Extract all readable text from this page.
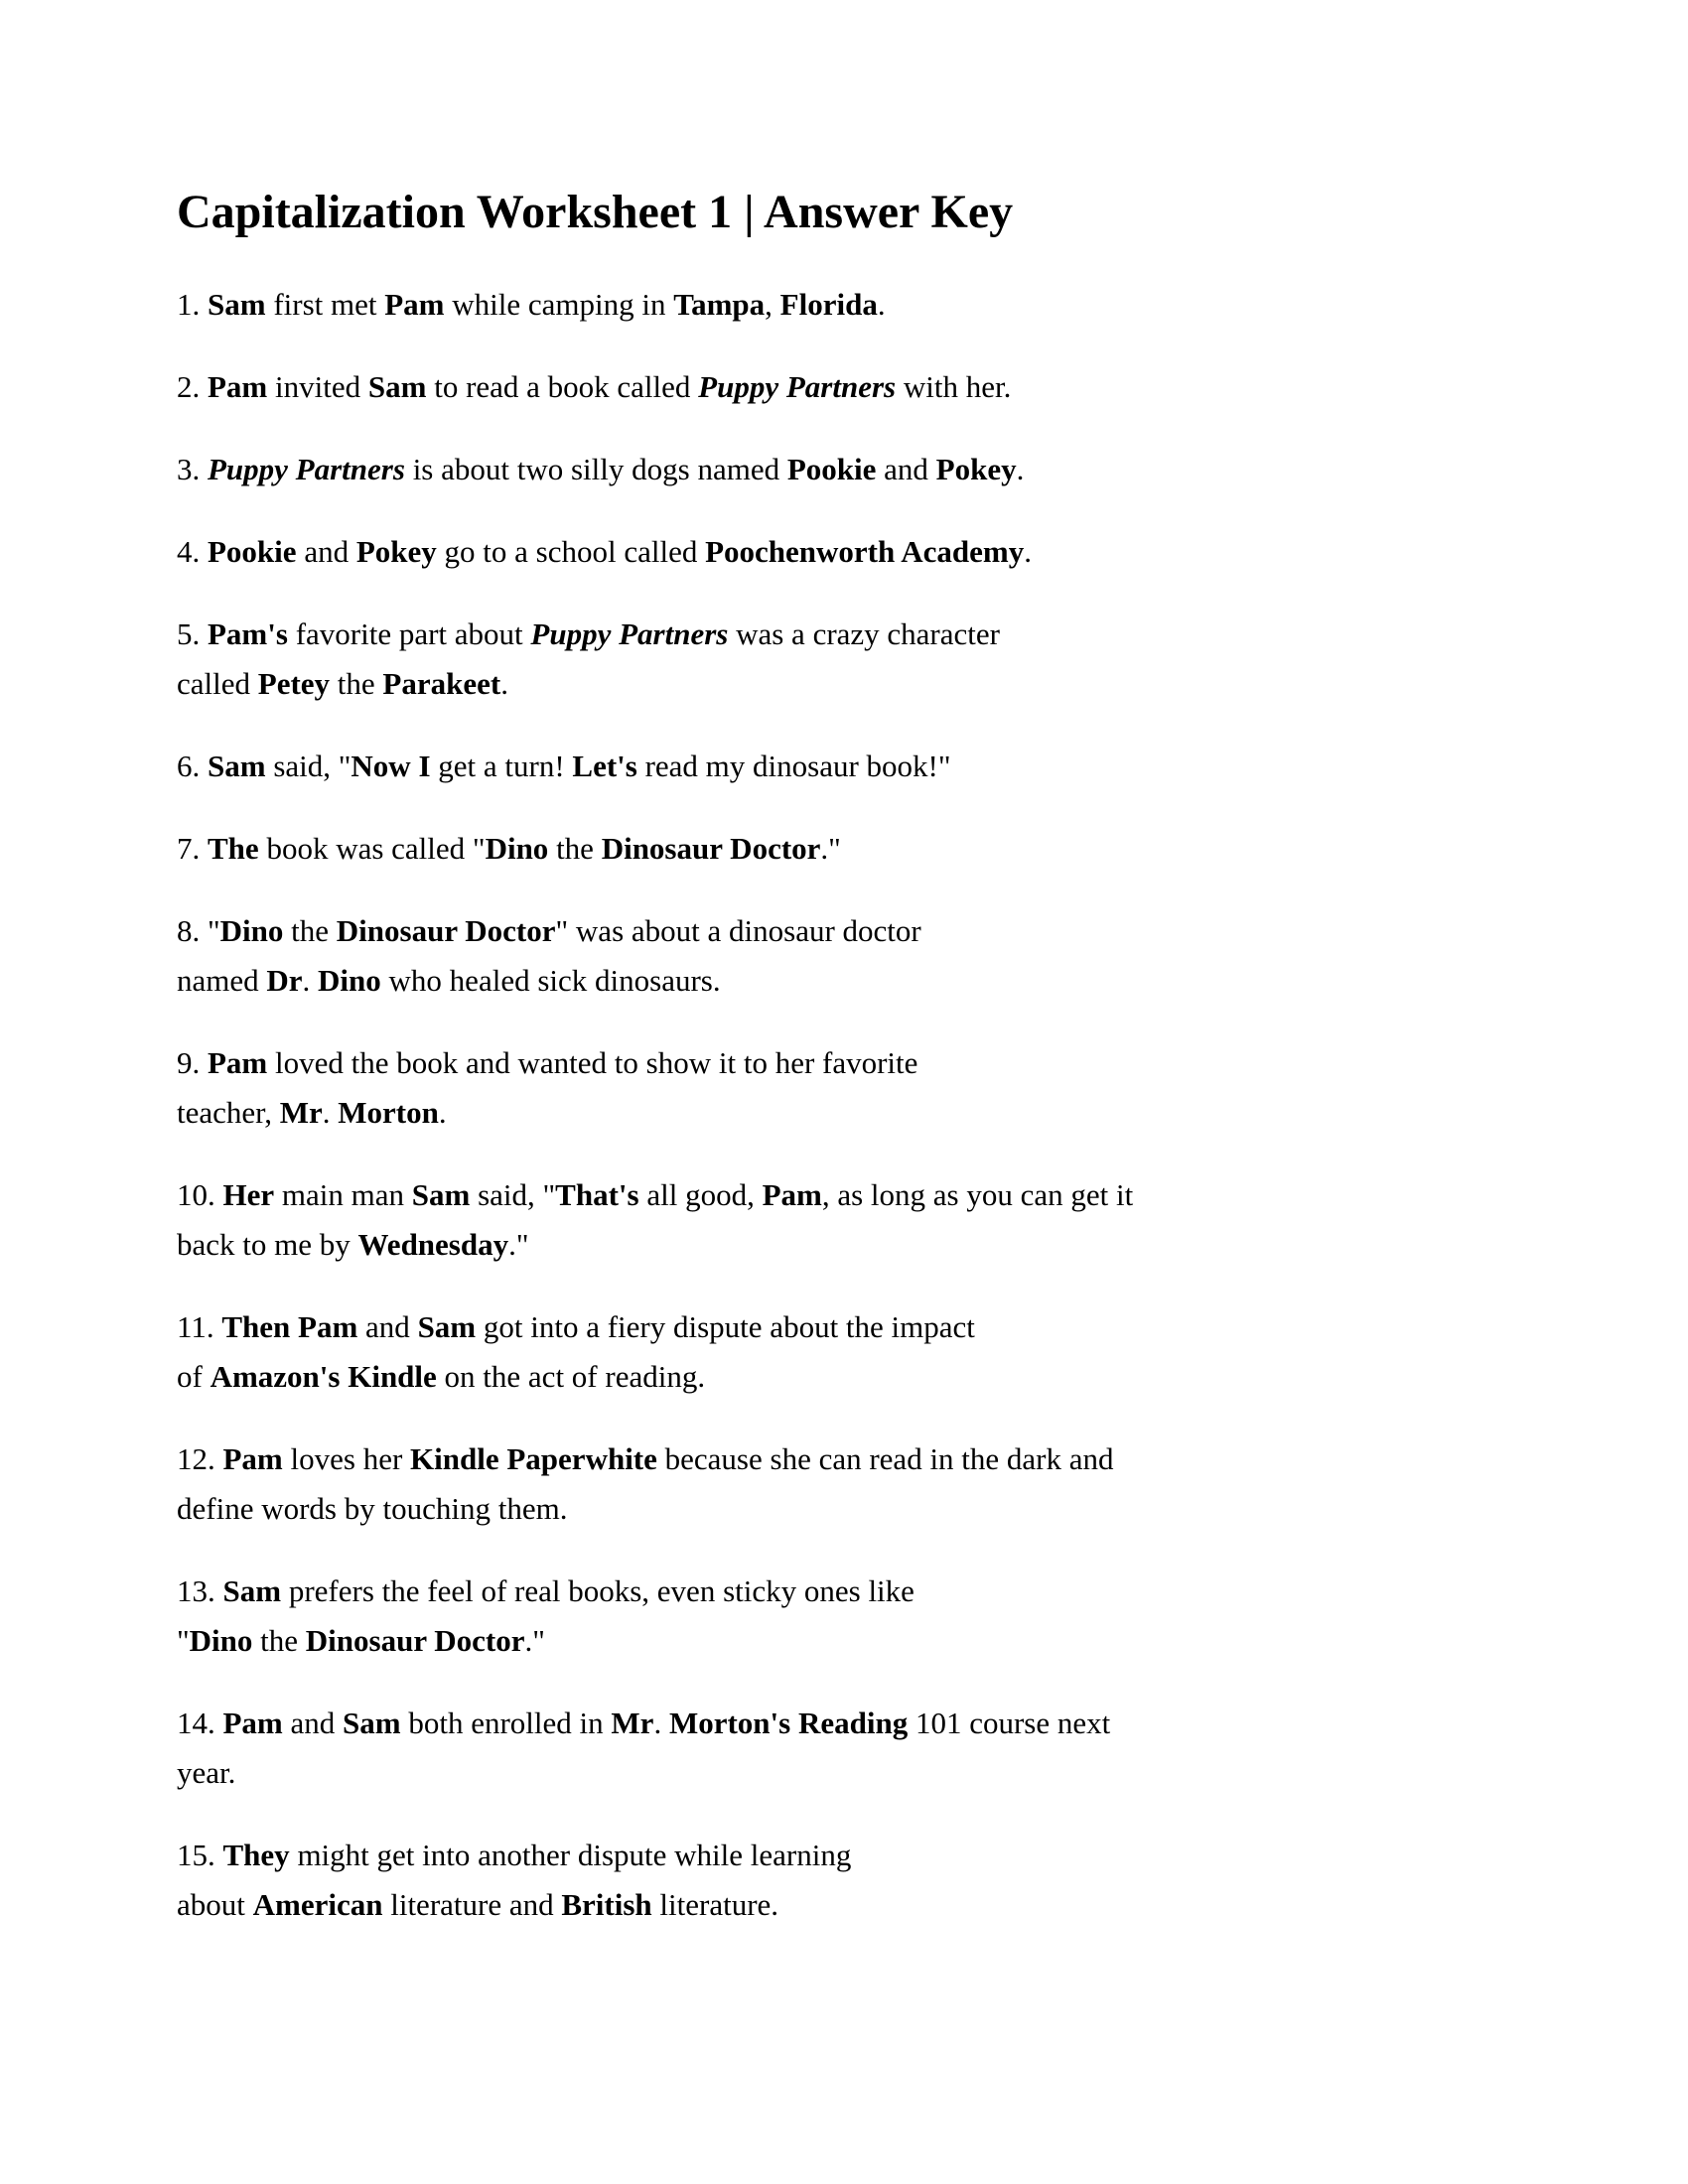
Capitalization Worksheet 1 | Answer Key

1. Sam first met Pam while camping in Tampa, Florida.

2. Pam invited Sam to read a book called Puppy Partners with her.

3. Puppy Partners is about two silly dogs named Pookie and Pokey.

4. Pookie and Pokey go to a school called Poochenworth Academy.

5. Pam's favorite part about Puppy Partners was a crazy character
called Petey the Parakeet.

6. Sam said, "Now I get a turn! Let's read my dinosaur book!"

7. The book was called "Dino the Dinosaur Doctor."

8. "Dino the Dinosaur Doctor" was about a dinosaur doctor
named Dr. Dino who healed sick dinosaurs.

9. Pam loved the book and wanted to show it to her favorite
teacher, Mr. Morton.

10. Her main man Sam said, "That's all good, Pam, as long as you can get it
back to me by Wednesday."

11. Then Pam and Sam got into a fiery dispute about the impact
of Amazon's Kindle on the act of reading.

12. Pam loves her Kindle Paperwhite because she can read in the dark and
define words by touching them.

13. Sam prefers the feel of real books, even sticky ones like
"Dino the Dinosaur Doctor."

14. Pam and Sam both enrolled in Mr. Morton's Reading 101 course next
year.

15. They might get into another dispute while learning
about American literature and British literature.
